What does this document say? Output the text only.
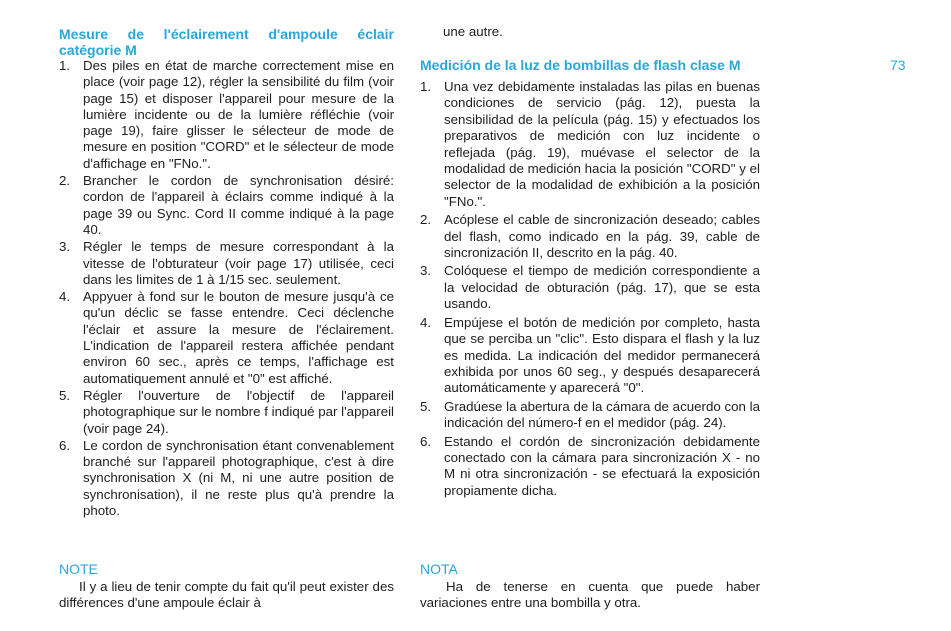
Mesure de l'éclairement d'ampoule éclair catégorie M
1. Des piles en état de marche correctement mise en place (voir page 12), régler la sensibilité du film (voir page 15) et disposer l'appareil pour mesure de la lumière incidente ou de la lumière réfléchie (voir page 19), faire glisser le sélecteur de mode de mesure en position "CORD" et le sélecteur de mode d'affichage en "FNo.".
2. Brancher le cordon de synchronisation désiré: cordon de l'appareil à éclairs comme indiqué à la page 39 ou Sync. Cord II comme indiqué à la page 40.
3. Régler le temps de mesure correspondant à la vitesse de l'obturateur (voir page 17) utilisée, ceci dans les limites de 1 à 1/15 sec. seulement.
4. Appyuer à fond sur le bouton de mesure jusqu'à ce qu'un déclic se fasse entendre. Ceci déclenche l'éclair et assure la mesure de l'éclairement. L'indication de l'appareil restera affichée pendant environ 60 sec., après ce temps, l'affichage est automatiquement annulé et "0" est affiché.
5. Régler l'ouverture de l'objectif de l'appareil photographique sur le nombre f indiqué par l'appareil (voir page 24).
6. Le cordon de synchronisation étant convenablement branché sur l'appareil photographique, c'est à dire synchronisation X (ni M, ni une autre position de synchronisation), il ne reste plus qu'à prendre la photo.
NOTE
Il y a lieu de tenir compte du fait qu'il peut exister des différences d'une ampoule éclair à
une autre.
Medición de la luz de bombillas de flash clase M
1. Una vez debidamente instaladas las pilas en buenas condiciones de servicio (pág. 12), puesta la sensibilidad de la película (pág. 15) y efectuados los preparativos de medición con luz incidente o reflejada (pág. 19), muévase el selector de la modalidad de medición hacia la posición "CORD" y el selector de la modalidad de exhibición a la posición "FNo.".
2. Acóplese el cable de sincronización deseado; cables del flash, como indicado en la pág. 39, cable de sincronización II, descrito en la pág. 40.
3. Colóquese el tiempo de medición correspondiente a la velocidad de obturación (pág. 17), que se esta usando.
4. Empújese el botón de medición por completo, hasta que se perciba un "clic". Esto dispara el flash y la luz es medida. La indicación del medidor permanecerá exhibida por unos 60 seg., y después desaparecerá automáticamente y aparecerá "0".
5. Gradúese la abertura de la cámara de acuerdo con la indicación del número-f en el medidor (pág. 24).
6. Estando el cordón de sincronización debidamente conectado con la cámara para sincronización X - no M ni otra sincronización - se efectuará la exposición propiamente dicha.
NOTA
Ha de tenerse en cuenta que puede haber variaciones entre una bombilla y otra.
73
